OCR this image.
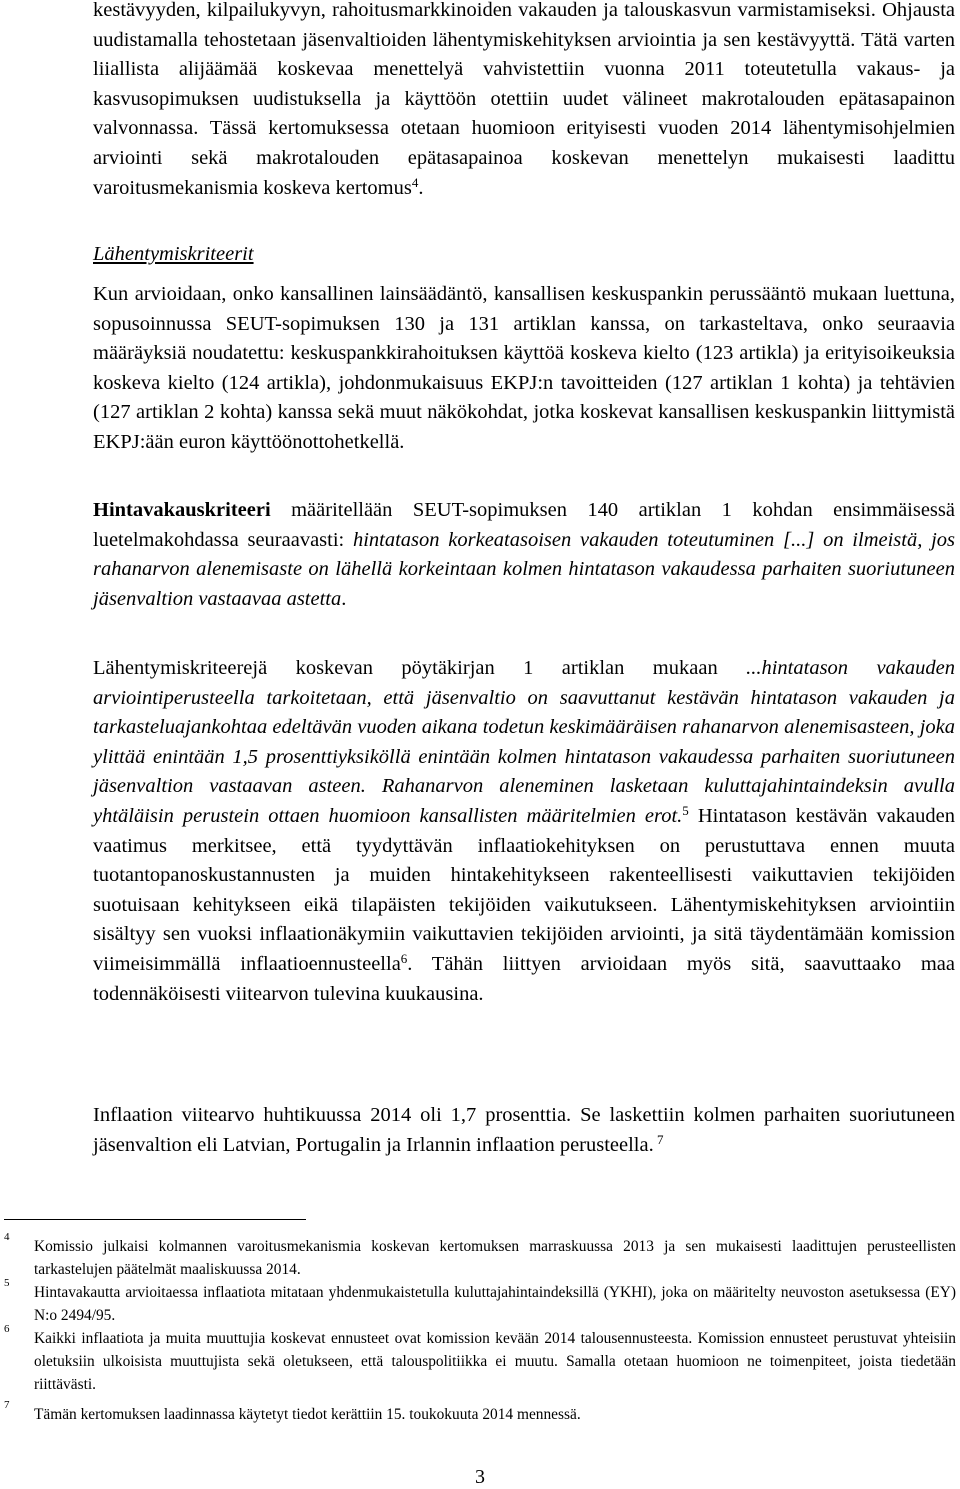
kestävyyden, kilpailukyvyn, rahoitusmarkkinoiden vakauden ja talouskasvun varmistamiseksi. Ohjausta uudistamalla tehostetaan jäsenvaltioiden lähentymiskehityksen arviointia ja sen kestävyyttä. Tätä varten liiallista alijäämää koskevaa menettelyä vahvistettiin vuonna 2011 toteutetulla vakaus- ja kasvusopimuksen uudistuksella ja käyttöön otettiin uudet välineet makrotalouden epätasapainon valvonnassa. Tässä kertomuksessa otetaan huomioon erityisesti vuoden 2014 lähentymisohjelmien arviointi sekä makrotalouden epätasapainoa koskevan menettelyn mukaisesti laadittu varoitusmekanismia koskeva kertomus$^4$.

Lähentymiskriteerit

Kun arvioidaan, onko kansallinen lainsäädäntö, kansallisen keskuspankin perussääntö mukaan luettuna, sopusoinnussa SEUT-sopimuksen 130 ja 131 artiklan kanssa, on tarkasteltava, onko seuraavia määräyksiä noudatettu: keskuspankkirahoituksen käyttöä koskeva kielto (123 artikla) ja erityisoikeuksia koskeva kielto (124 artikla), johdonmukaisuus EKPJ:n tavoitteiden (127 artiklan 1 kohta) ja tehtävien (127 artiklan 2 kohta) kanssa sekä muut näkökohdat, jotka koskevat kansallisen keskuspankin liittymistä EKPJ:ään euron käyttöönottohetkellä.

Hintavakauskriteeri määritellään SEUT-sopimuksen 140 artiklan 1 kohdan ensimmäisessä luetelmakohdassa seuraavasti: hintatason korkeatasoisen vakauden toteutuminen [...] on ilmeistä, jos rahanarvon alenemisaste on lähellä korkeintaan kolmen hintatason vakaudessa parhaiten suoriutuneen jäsenvaltion vastaavaa astetta.

Lähentymiskriteerejä koskevan pöytäkirjan 1 artiklan mukaan ...hintatason vakauden arviointiperusteella tarkoitetaan, että jäsenvaltio on saavuttanut kestävän hintatason vakauden ja tarkasteluajankohtaa edeltävän vuoden aikana todetun keskimääräisen rahanarvon alenemisasteen, joka ylittää enintään 1,5 prosenttiyksiköllä enintään kolmen hintatason vakaudessa parhaiten suoriutuneen jäsenvaltion vastaavan asteen. Rahanarvon aleneminen lasketaan kuluttajahintaindeksin avulla yhtäläisin perustein ottaen huomioon kansallisten määritelmien erot.$^5$ Hintatason kestävän vakauden vaatimus merkitsee, että tyydyttävän inflaatiokehityksen on perustuttava ennen muuta tuotantopanoskustannusten ja muiden hintakehitykseen rakenteellisesti vaikuttavien tekijöiden suotuisaan kehitykseen eikä tilapäisten tekijöiden vaikutukseen. Lähentymiskehityksen arviointiin sisältyy sen vuoksi inflaationäkymiin vaikuttavien tekijöiden arviointi, ja sitä täydentämään komission viimeisimmällä inflaatioennusteella$^6$. Tähän liittyen arvioidaan myös sitä, saavuttaako maa todennäköisesti viitearvon tulevina kuukausina.

Inflaation viitearvo huhtikuussa 2014 oli 1,7 prosenttia. Se laskettiin kolmen parhaiten suoriutuneen jäsenvaltion eli Latvian, Portugalin ja Irlannin inflaation perusteella. $^7$

4
Komissio julkaisi kolmannen varoitusmekanismia koskevan kertomuksen marraskuussa 2013 ja sen mukaisesti laadittujen perusteellisten tarkastelujen päätelmät maaliskuussa 2014.
5
Hintavakautta arvioitaessa inflaatiota mitataan yhdenmukaistetulla kuluttajahintaindeksillä (YKHI), joka on määritelty neuvoston asetuksessa (EY) N:o 2494/95.
6
Kaikki inflaatiota ja muita muuttujia koskevat ennusteet ovat komission kevään 2014 talousennusteesta. Komission ennusteet perustuvat yhteisiin oletuksiin ulkoisista muuttujista sekä oletukseen, että talouspolitiikka ei muutu. Samalla otetaan huomioon ne toimenpiteet, joista tiedetään riittävästi.
7
Tämän kertomuksen laadinnassa käytetyt tiedot kerättiin 15. toukokuuta 2014 mennessä.
3
